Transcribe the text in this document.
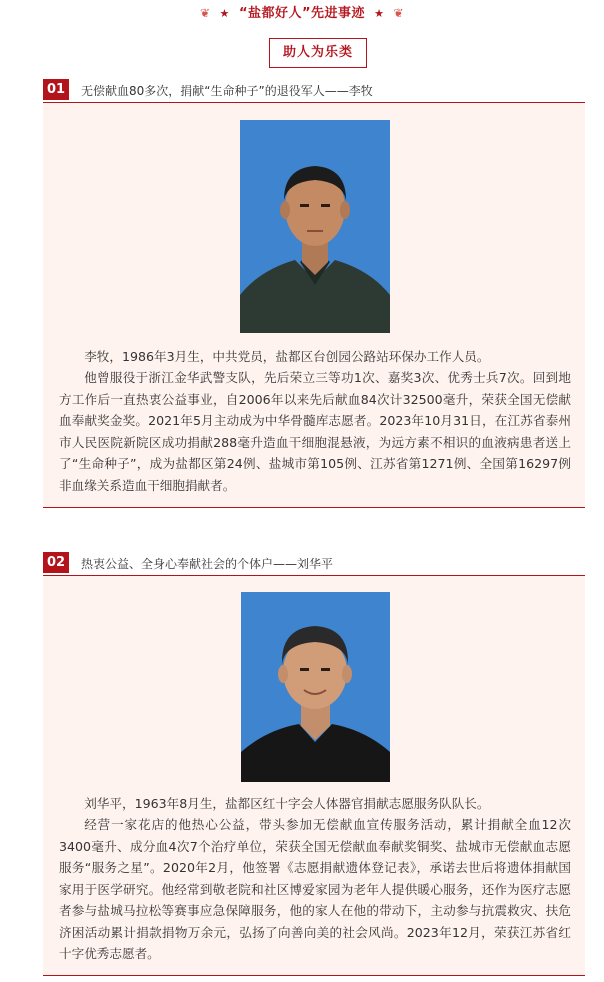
❦ ★ “盐都好人”先进事迹 ★ ❦
助人为乐类
01	无偿献血80多次，捐献“生命种子”的退役军人——李牧

李牧，1986年3月生，中共党员，盐都区台创园公路站环保办工作人员。

他曾服役于浙江金华武警支队，先后荣立三等功1次、嘉奖3次、优秀士兵7次。回到地方工作后一直热衷公益事业，自2006年以来先后献血84次计32500毫升，荣获全国无偿献血奉献奖金奖。2021年5月主动成为中华骨髓库志愿者。2023年10月31日，在江苏省泰州市人民医院新院区成功捐献288毫升造血干细胞混悬液，为远方素不相识的血液病患者送上了“生命种子”，成为盐都区第24例、盐城市第105例、江苏省第1271例、全国第16297例非血缘关系造血干细胞捐献者。

02	热衷公益、全身心奉献社会的个体户——刘华平

刘华平，1963年8月生，盐都区红十字会人体器官捐献志愿服务队队长。

经营一家花店的他热心公益，带头参加无偿献血宣传服务活动，累计捐献全血12次3400毫升、成分血4次7个治疗单位，荣获全国无偿献血奉献奖铜奖、盐城市无偿献血志愿服务“服务之星”。2020年2月，他签署《志愿捐献遗体登记表》，承诺去世后将遗体捐献国家用于医学研究。他经常到敬老院和社区博爱家园为老年人提供暖心服务，还作为医疗志愿者参与盐城马拉松等赛事应急保障服务，他的家人在他的带动下，主动参与抗震救灾、扶危济困活动累计捐款捐物万余元，弘扬了向善向美的社会风尚。2023年12月，荣获江苏省红十字优秀志愿者。
